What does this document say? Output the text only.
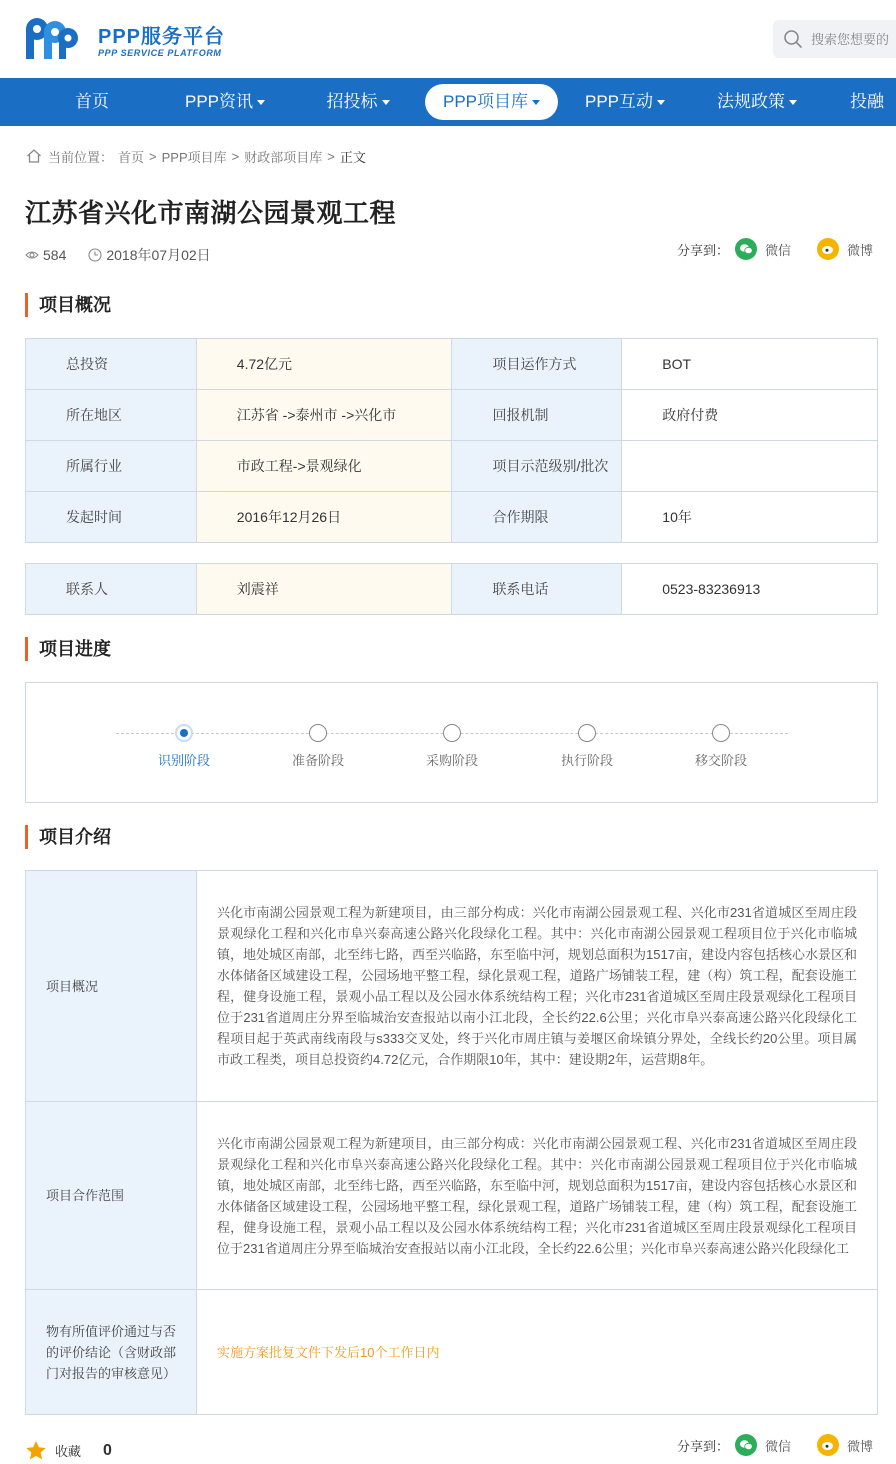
PPP服务平台
PPP SERVICE PLATFORM
搜索您想要的
首页	PPP资讯	招投标	PPP项目库	PPP互动	法规政策	投融
当前位置： 首页 > PPP项目库 > 财政部项目库 > 正文
江苏省兴化市南湖公园景观工程
584	2018年07月02日	分享到：	微信	微博
项目概况
总投资	4.72亿元	项目运作方式	BOT
所在地区	江苏省 ->泰州市 ->兴化市	回报机制	政府付费
所属行业	市政工程->景观绿化	项目示范级别/批次	
发起时间	2016年12月26日	合作期限	10年
联系人	刘震祥	联系电话	0523-83236913
项目进度
识别阶段	准备阶段	采购阶段	执行阶段	移交阶段
项目介绍
项目概况	兴化市南湖公园景观工程为新建项目，由三部分构成：兴化市南湖公园景观工程、兴化市231省道城区至周庄段景观绿化工程和兴化市阜兴泰高速公路兴化段绿化工程。其中：兴化市南湖公园景观工程项目位于兴化市临城镇，地处城区南部，北至纬七路，西至兴临路，东至临中河，规划总面积为1517亩，建设内容包括核心水景区和水体储备区域建设工程，公园场地平整工程，绿化景观工程，道路广场铺装工程，建（构）筑工程，配套设施工程，健身设施工程，景观小品工程以及公园水体系统结构工程；兴化市231省道城区至周庄段景观绿化工程项目位于231省道周庄分界至临城治安查报站以南小江北段，全长约22.6公里；兴化市阜兴泰高速公路兴化段绿化工程项目起于英武南线南段与s333交叉处，终于兴化市周庄镇与姜堰区俞垛镇分界处，全线长约20公里。项目属市政工程类，项目总投资约4.72亿元，合作期限10年，其中：建设期2年，运营期8年。
项目合作范围	兴化市南湖公园景观工程为新建项目，由三部分构成：兴化市南湖公园景观工程、兴化市231省道城区至周庄段景观绿化工程和兴化市阜兴泰高速公路兴化段绿化工程。其中：兴化市南湖公园景观工程项目位于兴化市临城镇，地处城区南部，北至纬七路，西至兴临路，东至临中河，规划总面积为1517亩，建设内容包括核心水景区和水体储备区域建设工程，公园场地平整工程，绿化景观工程，道路广场铺装工程，建（构）筑工程，配套设施工程，健身设施工程，景观小品工程以及公园水体系统结构工程；兴化市231省道城区至周庄段景观绿化工程项目位于231省道周庄分界至临城治安查报站以南小江北段，全长约22.6公里；兴化市阜兴泰高速公路兴化段绿化工
物有所值评价通过与否的评价结论（含财政部门对报告的审核意见）	实施方案批复文件下发后10个工作日内
收藏 0	分享到：	微信	微博
